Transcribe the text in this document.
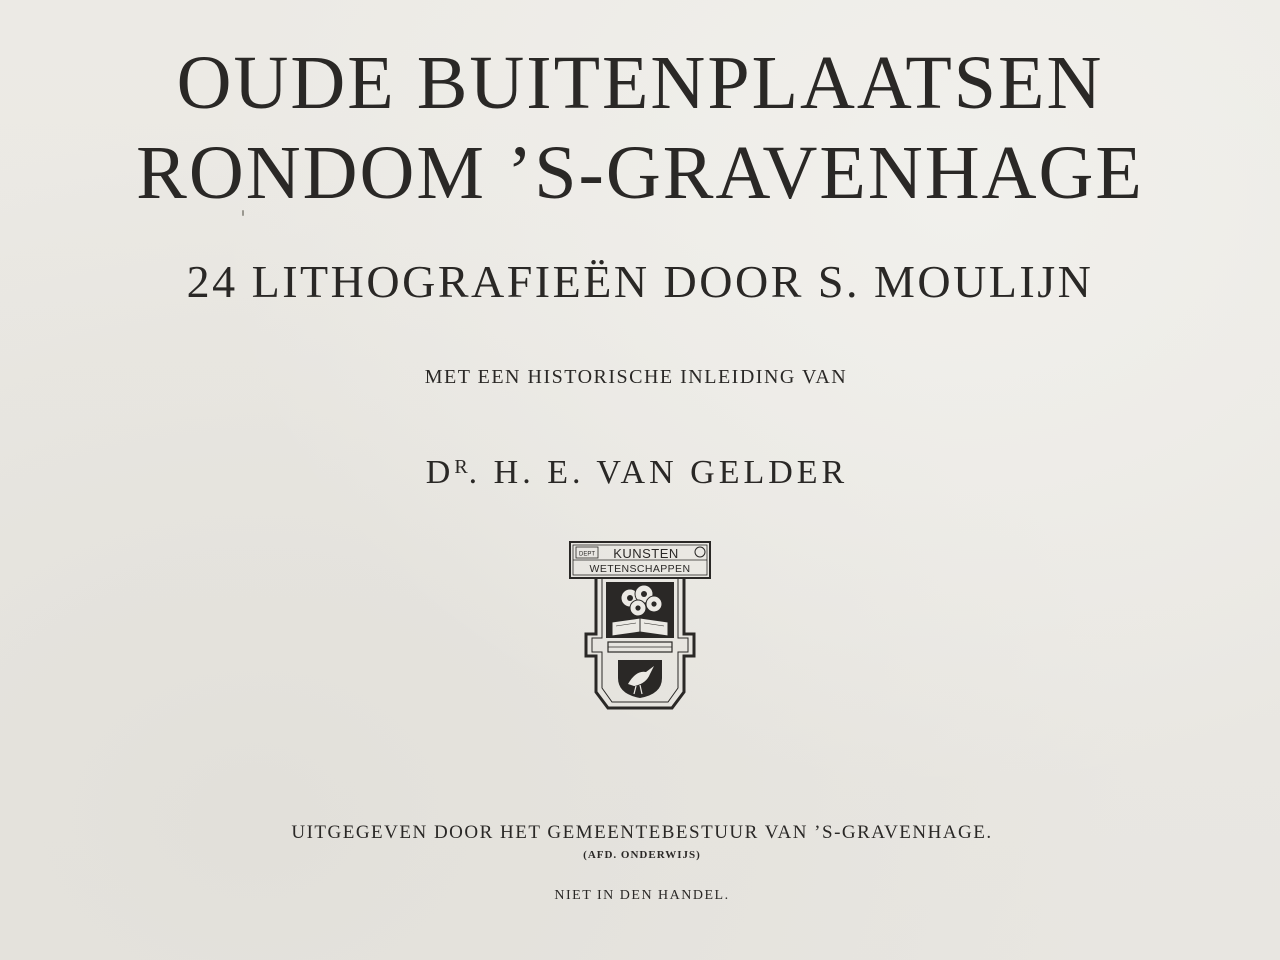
OUDE BUITENPLAATSEN
RONDOM ’S-GRAVENHAGE
24 LITHOGRAFIEËN DOOR S. MOULIJN
MET EEN HISTORISCHE INLEIDING VAN
$D^R$. H. E. VAN GELDER
DEPT KUNSTEN
WETENSCHAPPEN
UITGEGEVEN DOOR HET GEMEENTEBESTUUR VAN ’S-GRAVENHAGE.
(AFD. ONDERWIJS)
NIET IN DEN HANDEL.
